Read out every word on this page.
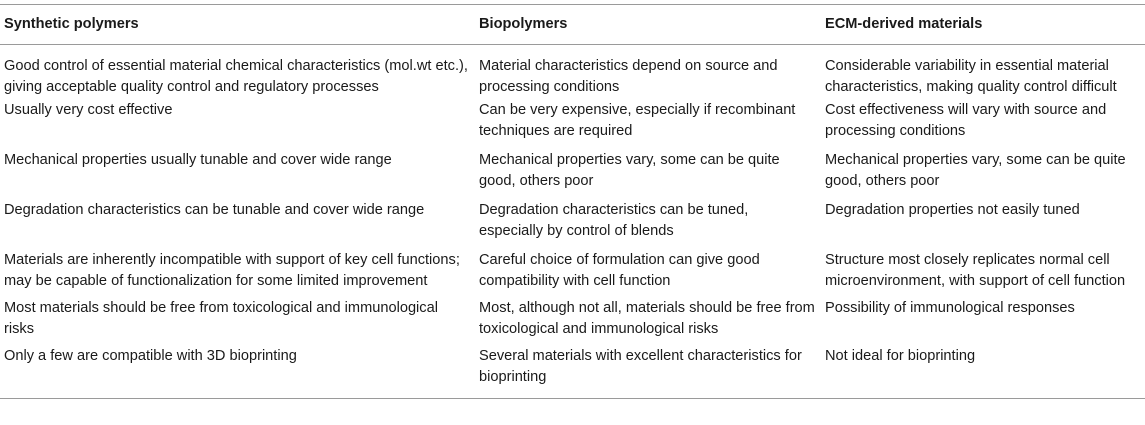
Synthetic polymers	Biopolymers	ECM-derived materials
Good control of essential material chemical characteristics (mol.wt etc.), giving acceptable quality control and regulatory processes	Material characteristics depend on source and processing conditions	Considerable variability in essential material characteristics, making quality control difficult
Usually very cost effective	Can be very expensive, especially if recombinant techniques are required	Cost effectiveness will vary with source and processing conditions
Mechanical properties usually tunable and cover wide range	Mechanical properties vary, some can be quite good, others poor	Mechanical properties vary, some can be quite good, others poor
Degradation characteristics can be tunable and cover wide range	Degradation characteristics can be tuned, especially by control of blends	Degradation properties not easily tuned
Materials are inherently incompatible with support of key cell functions; may be capable of functionalization for some limited improvement	Careful choice of formulation can give good compatibility with cell function	Structure most closely replicates normal cell microenvironment, with support of cell function
Most materials should be free from toxicological and immunological risks	Most, although not all, materials should be free from toxicological and immunological risks	Possibility of immunological responses
Only a few are compatible with 3D bioprinting	Several materials with excellent characteristics for bioprinting	Not ideal for bioprinting
